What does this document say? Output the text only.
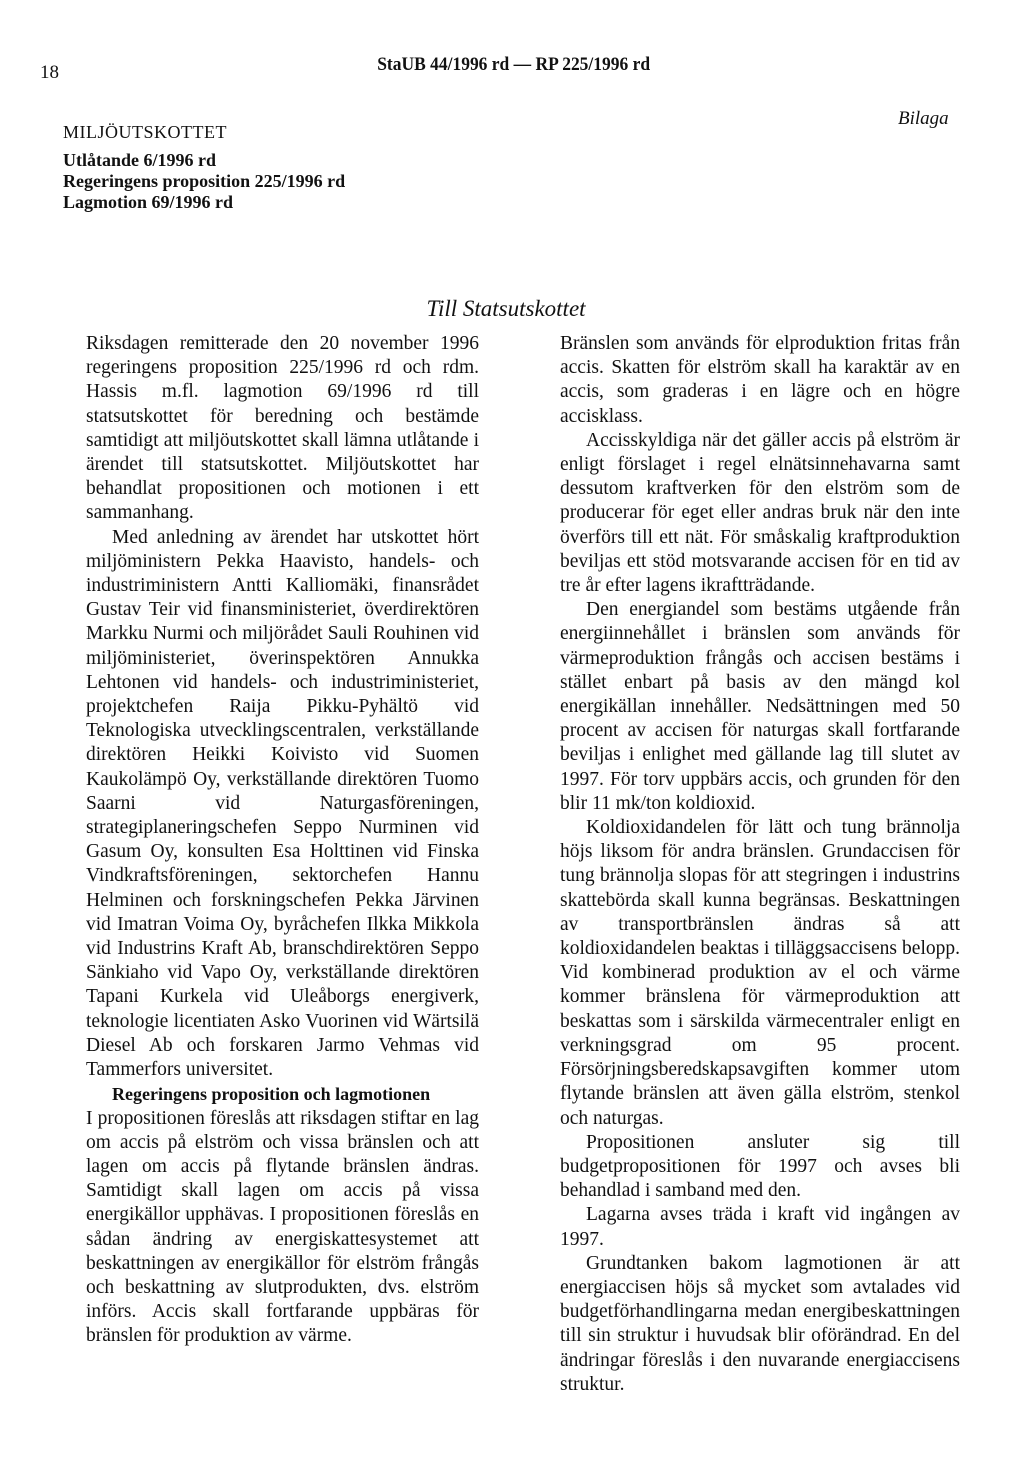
18	StaUB 44/1996 rd — RP 225/1996 rd
Bilaga
MILJÖUTSKOTTET
Utlåtande 6/1996 rd
Regeringens proposition 225/1996 rd
Lagmotion 69/1996 rd
Till Statsutskottet

Riksdagen remitterade den 20 november 1996 regeringens proposition 225/1996 rd och rdm. Hassis m.fl. lagmotion 69/1996 rd till statsutskottet för beredning och bestämde samtidigt att miljöutskottet skall lämna utlåtande i ärendet till statsutskottet. Miljöutskottet har behandlat propositionen och motionen i ett sammanhang.

Med anledning av ärendet har utskottet hört miljöministern Pekka Haavisto, handels- och industriministern Antti Kalliomäki, finansrådet Gustav Teir vid finansministeriet, överdirektören Markku Nurmi och miljörådet Sauli Rouhinen vid miljöministeriet, överinspektören Annukka Lehtonen vid handels- och industriministeriet, projektchefen Raija Pikku-Pyhältö vid Teknologiska utvecklingscentralen, verkställande direktören Heikki Koivisto vid Suomen Kaukolämpö Oy, verkställande direktören Tuomo Saarni vid Naturgasföreningen, strategiplaneringschefen Seppo Nurminen vid Gasum Oy, konsulten Esa Holttinen vid Finska Vindkraftsföreningen, sektorchefen Hannu Helminen och forskningschefen Pekka Järvinen vid Imatran Voima Oy, byråchefen Ilkka Mikkola vid Industrins Kraft Ab, branschdirektören Seppo Sänkiaho vid Vapo Oy, verkställande direktören Tapani Kurkela vid Uleåborgs energiverk, teknologie licentiaten Asko Vuorinen vid Wärtsilä Diesel Ab och forskaren Jarmo Vehmas vid Tammerfors universitet.

Regeringens proposition och lagmotionen

I propositionen föreslås att riksdagen stiftar en lag om accis på elström och vissa bränslen och att lagen om accis på flytande bränslen ändras. Samtidigt skall lagen om accis på vissa energikällor upphävas. I propositionen föreslås en sådan ändring av energiskattesystemet att beskattningen av energikällor för elström frångås och beskattning av slutprodukten, dvs. elström införs. Accis skall fortfarande uppbäras för bränslen för produktion av värme.

Bränslen som används för elproduktion fritas från accis. Skatten för elström skall ha karaktär av en accis, som graderas i en lägre och en högre accisklass.

Accisskyldiga när det gäller accis på elström är enligt förslaget i regel elnätsinnehavarna samt dessutom kraftverken för den elström som de producerar för eget eller andras bruk när den inte överförs till ett nät. För småskalig kraftproduktion beviljas ett stöd motsvarande accisen för en tid av tre år efter lagens ikraftträdande.

Den energiandel som bestäms utgående från energiinnehållet i bränslen som används för värmeproduktion frångås och accisen bestäms i stället enbart på basis av den mängd kol energikällan innehåller. Nedsättningen med 50 procent av accisen för naturgas skall fortfarande beviljas i enlighet med gällande lag till slutet av 1997. För torv uppbärs accis, och grunden för den blir 11 mk/ton koldioxid.

Koldioxidandelen för lätt och tung brännolja höjs liksom för andra bränslen. Grundaccisen för tung brännolja slopas för att stegringen i industrins skattebörda skall kunna begränsas. Beskattningen av transportbränslen ändras så att koldioxidandelen beaktas i tilläggsaccisens belopp. Vid kombinerad produktion av el och värme kommer bränslena för värmeproduktion att beskattas som i särskilda värmecentraler enligt en verkningsgrad om 95 procent. Försörjningsberedskapsavgiften kommer utom flytande bränslen att även gälla elström, stenkol och naturgas.

Propositionen ansluter sig till budgetpropositionen för 1997 och avses bli behandlad i samband med den.

Lagarna avses träda i kraft vid ingången av 1997.

Grundtanken bakom lagmotionen är att energiaccisen höjs så mycket som avtalades vid budgetförhandlingarna medan energibeskattningen till sin struktur i huvudsak blir oförändrad. En del ändringar föreslås i den nuvarande energiaccisens struktur.
